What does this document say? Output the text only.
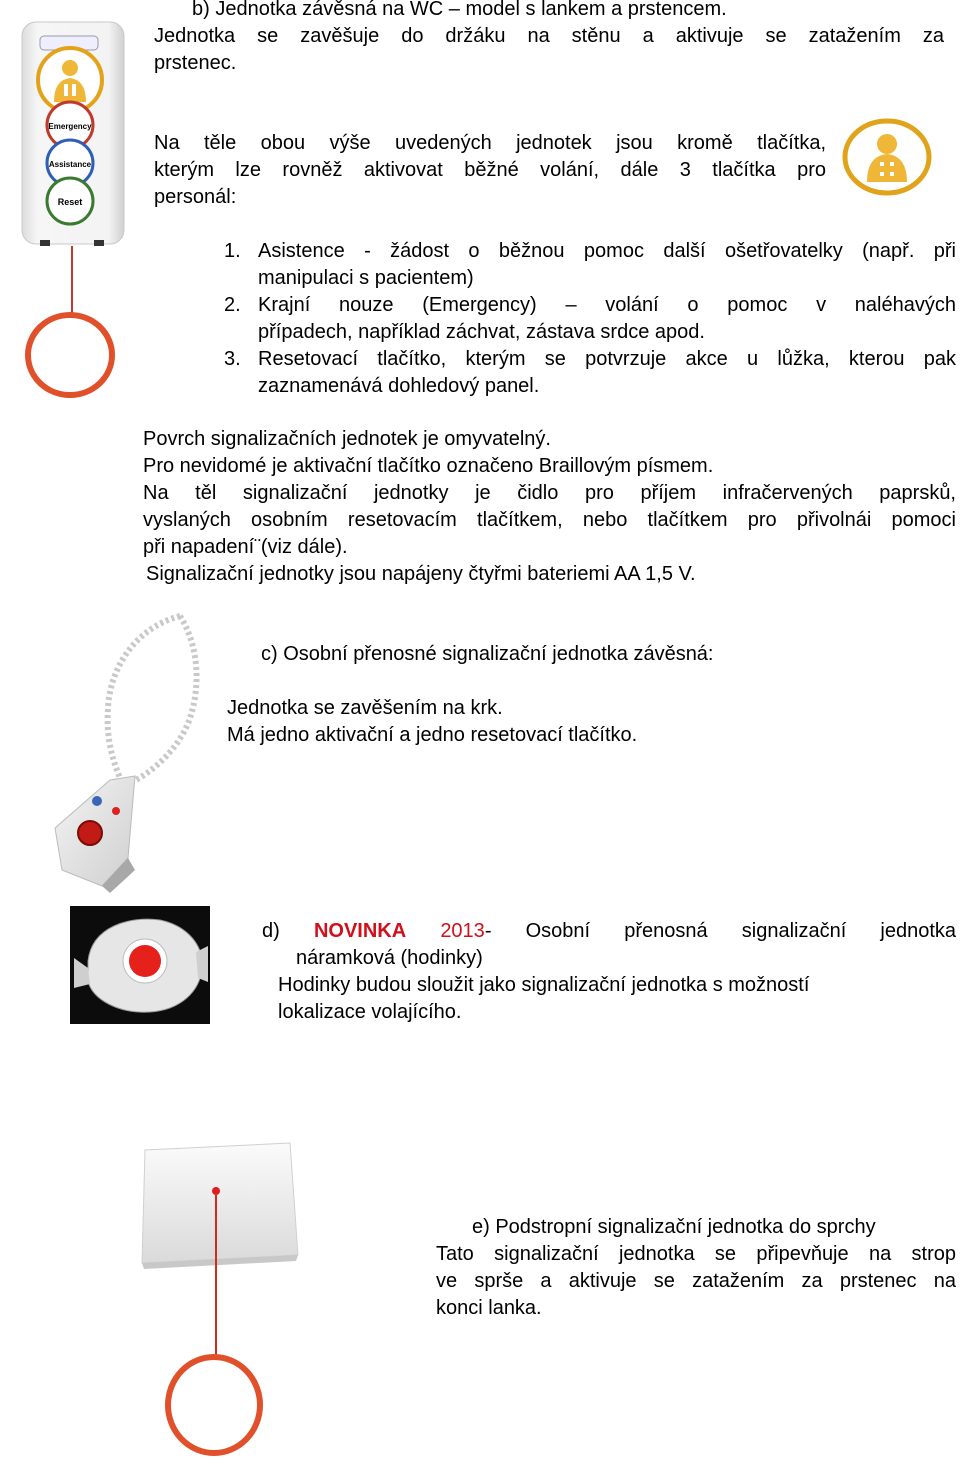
Emergency
Assistance
Reset
b) Jednotka závěsná na WC – model s lankem a prstencem.
Jednotka se zavěšuje do držáku na stěnu a aktivuje se zatažením za
prstenec.
Na těle obou výše uvedených jednotek jsou kromě tlačítka,
kterým lze rovněž aktivovat běžné volání, dále 3 tlačítka pro
personál:
1. Asistence - žádost o běžnou pomoc další ošetřovatelky (např. při
manipulaci s pacientem)
2. Krajní nouze (Emergency) – volání o pomoc v naléhavých
případech, například záchvat, zástava srdce apod.
3. Resetovací tlačítko, kterým se potvrzuje akce u lůžka, kterou pak
zaznamenává dohledový panel.
Povrch signalizačních jednotek je omyvatelný.
Pro nevidomé je aktivační tlačítko označeno Braillovým písmem.
Na těl signalizační jednotky je čidlo pro příjem infračervených paprsků,
vyslaných osobním resetovacím tlačítkem, nebo tlačítkem pro přivolnái pomoci
při napadení¨(viz dále).
Signalizační jednotky jsou napájeny čtyřmi bateriemi AA 1,5 V.
c) Osobní přenosné signalizační jednotka závěsná:
Jednotka se zavěšením na krk.
Má jedno aktivační a jedno resetovací tlačítko.
d) NOVINKA 2013- Osobní přenosná signalizační jednotka
náramková (hodinky)
Hodinky budou sloužit jako signalizační jednotka s možností
lokalizace volajícího.
e) Podstropní signalizační jednotka do sprchy
Tato signalizační jednotka se připevňuje na strop
ve sprše a aktivuje se zatažením za prstenec na
konci lanka.
